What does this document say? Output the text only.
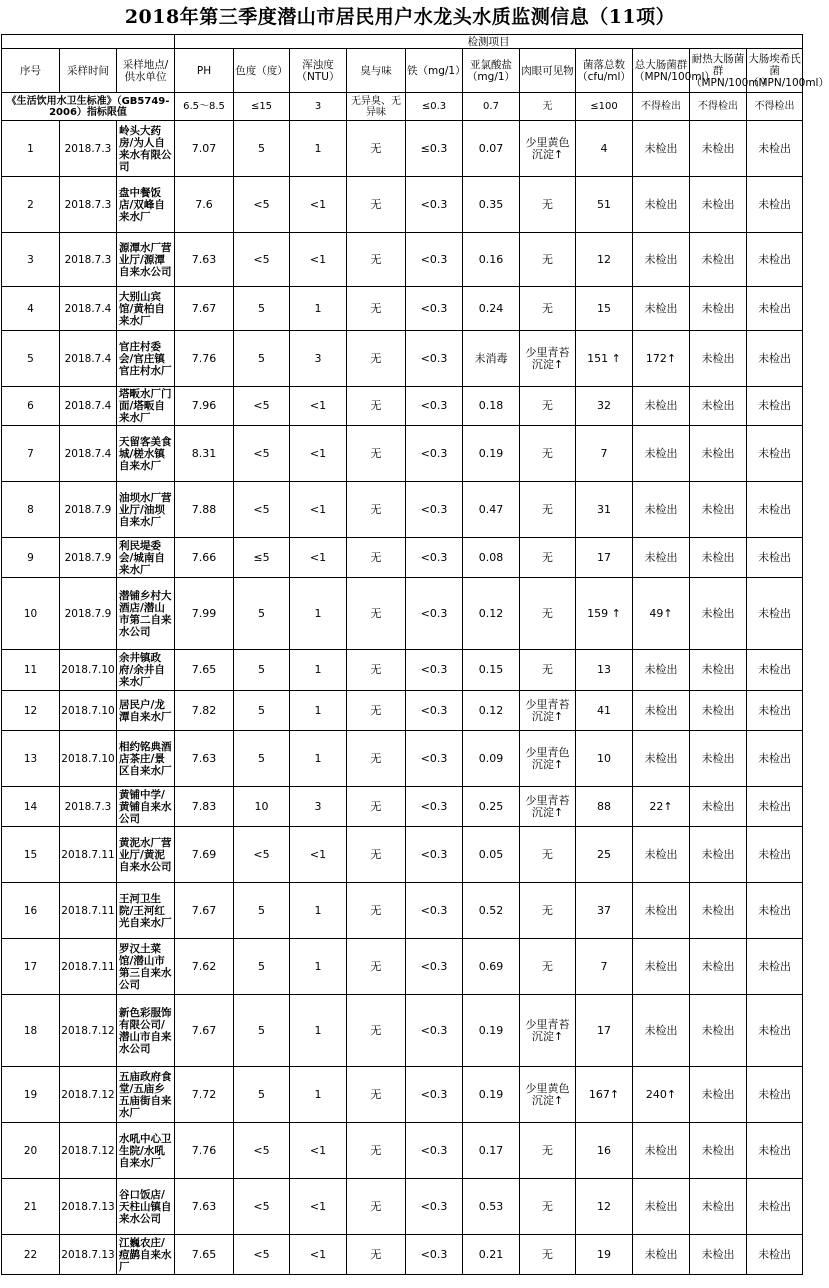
2018年第三季度潜山市居民用户水龙头水质监测信息（11项）
			检测项目										
序号	采样时间	采样地点/供水单位	PH	色度（度）	浑浊度（NTU）	臭与味	铁（mg/1）	亚氯酸盐（mg/1）	肉眼可见物	菌落总数（cfu/ml）	总大肠菌群（MPN/100ml）	耐热大肠菌群（MPN/100ml）	大肠埃希氏菌（MPN/100ml）
《生活饮用水卫生标准》（GB5749-2006）指标限值			6.5～8.5	≤15	3	无异臭、无异味	≤0.3	0.7	无	≤100	不得检出	不得检出	不得检出
1	2018.7.3	岭头大药房/为人自来水有限公司	7.07	5	1	无	≤0.3	0.07	少里黄色沉淀↑	4	未检出	未检出	未检出
2	2018.7.3	盘中餐饭店/双峰自来水厂	7.6	<5	<1	无	<0.3	0.35	无	51	未检出	未检出	未检出
3	2018.7.3	源潭水厂营业厅/源潭自来水公司	7.63	<5	<1	无	<0.3	0.16	无	12	未检出	未检出	未检出
4	2018.7.4	大别山宾馆/黄柏自来水厂	7.67	5	1	无	<0.3	0.24	无	15	未检出	未检出	未检出
5	2018.7.4	官庄村委会/官庄镇官庄村水厂	7.76	5	3	无	<0.3	未消毒	少里青苔沉淀↑	151 ↑	172↑	未检出	未检出
6	2018.7.4	塔畈水厂门面/塔畈自来水厂	7.96	<5	<1	无	<0.3	0.18	无	32	未检出	未检出	未检出
7	2018.7.4	天留客美食城/槎水镇自来水厂	8.31	<5	<1	无	<0.3	0.19	无	7	未检出	未检出	未检出
8	2018.7.9	油坝水厂营业厅/油坝自来水厂	7.88	<5	<1	无	<0.3	0.47	无	31	未检出	未检出	未检出
9	2018.7.9	利民堤委会/城南自来水厂	7.66	≤5	<1	无	<0.3	0.08	无	17	未检出	未检出	未检出
10	2018.7.9	潜铺乡村大酒店/潜山市第二自来水公司	7.99	5	1	无	<0.3	0.12	无	159 ↑	49↑	未检出	未检出
11	2018.7.10	余井镇政府/余井自来水厂	7.65	5	1	无	<0.3	0.15	无	13	未检出	未检出	未检出
12	2018.7.10	居民户/龙潭自来水厂	7.82	5	1	无	<0.3	0.12	少里青苔沉淀↑	41	未检出	未检出	未检出
13	2018.7.10	相约铭典酒店茶庄/景区自来水厂	7.63	5	1	无	<0.3	0.09	少里青色沉淀↑	10	未检出	未检出	未检出
14	2018.7.3	黄铺中学/黄铺自来水公司	7.83	10	3	无	<0.3	0.25	少里青苔沉淀↑	88	22↑	未检出	未检出
15	2018.7.11	黄泥水厂营业厅/黄泥自来水公司	7.69	<5	<1	无	<0.3	0.05	无	25	未检出	未检出	未检出
16	2018.7.11	王河卫生院/王河红光自来水厂	7.67	5	1	无	<0.3	0.52	无	37	未检出	未检出	未检出
17	2018.7.11	罗汉土菜馆/潜山市第三自来水公司	7.62	5	1	无	<0.3	0.69	无	7	未检出	未检出	未检出
18	2018.7.12	新色彩服饰有限公司/潜山市自来水公司	7.67	5	1	无	<0.3	0.19	少里青苔沉淀↑	17	未检出	未检出	未检出
19	2018.7.12	五庙政府食堂/五庙乡五庙街自来水厂	7.72	5	1	无	<0.3	0.19	少里黄色沉淀↑	167↑	240↑	未检出	未检出
20	2018.7.12	水吼中心卫生院/水吼自来水厂	7.76	<5	<1	无	<0.3	0.17	无	16	未检出	未检出	未检出
21	2018.7.13	谷口饭店/天柱山镇自来水公司	7.63	<5	<1	无	<0.3	0.53	无	12	未检出	未检出	未检出
22	2018.7.13	江巍农庄/痘鹋自来水厂	7.65	<5	<1	无	<0.3	0.21	无	19	未检出	未检出	未检出
